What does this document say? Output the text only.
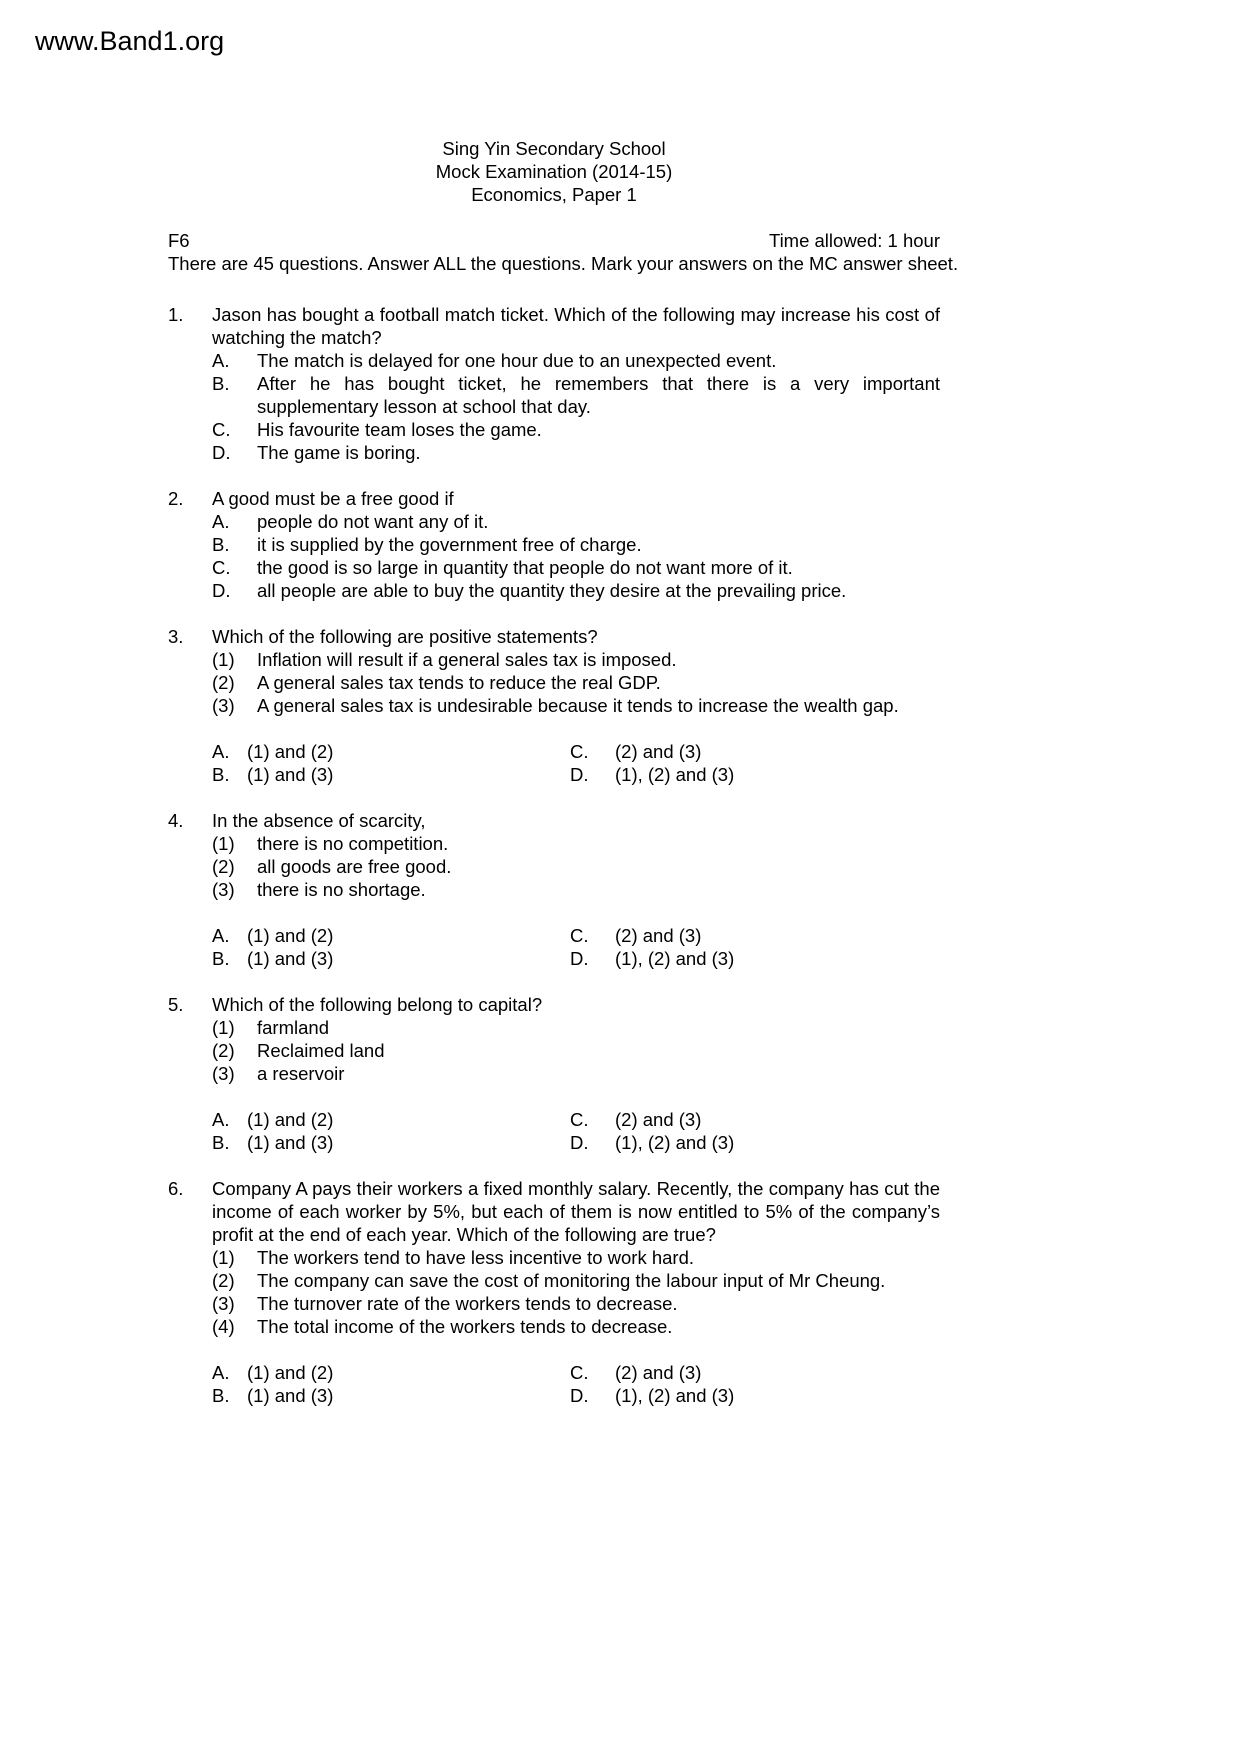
www.Band1.org
Sing Yin Secondary School
Mock Examination (2014-15)
Economics, Paper 1
F6	Time allowed: 1 hour
There are 45 questions. Answer ALL the questions. Mark your answers on the MC answer sheet.
1.	Jason has bought a football match ticket. Which of the following may increase his cost of watching the match?
A.	The match is delayed for one hour due to an unexpected event.
B.	After he has bought ticket, he remembers that there is a very important supplementary lesson at school that day.
C.	His favourite team loses the game.
D.	The game is boring.
2.	A good must be a free good if
A.	people do not want any of it.
B.	it is supplied by the government free of charge.
C.	the good is so large in quantity that people do not want more of it.
D.	all people are able to buy the quantity they desire at the prevailing price.
3.	Which of the following are positive statements?
(1)	Inflation will result if a general sales tax is imposed.
(2)	A general sales tax tends to reduce the real GDP.
(3)	A general sales tax is undesirable because it tends to increase the wealth gap.
A. (1) and (2)	C.	(2) and (3)
B. (1) and (3)	D.	(1), (2) and (3)
4.	In the absence of scarcity,
(1)	there is no competition.
(2)	all goods are free good.
(3)	there is no shortage.
A. (1) and (2)	C.	(2) and (3)
B. (1) and (3)	D.	(1), (2) and (3)
5.	Which of the following belong to capital?
(1)	farmland
(2)	Reclaimed land
(3)	a reservoir
A. (1) and (2)	C.	(2) and (3)
B. (1) and (3)	D.	(1), (2) and (3)
6.	Company A pays their workers a fixed monthly salary. Recently, the company has cut the income of each worker by 5%, but each of them is now entitled to 5% of the company’s profit at the end of each year. Which of the following are true?
(1)	The workers tend to have less incentive to work hard.
(2)	The company can save the cost of monitoring the labour input of Mr Cheung.
(3)	The turnover rate of the workers tends to decrease.
(4)	The total income of the workers tends to decrease.
A. (1) and (2)	C.	(2) and (3)
B. (1) and (3)	D.	(1), (2) and (3)
